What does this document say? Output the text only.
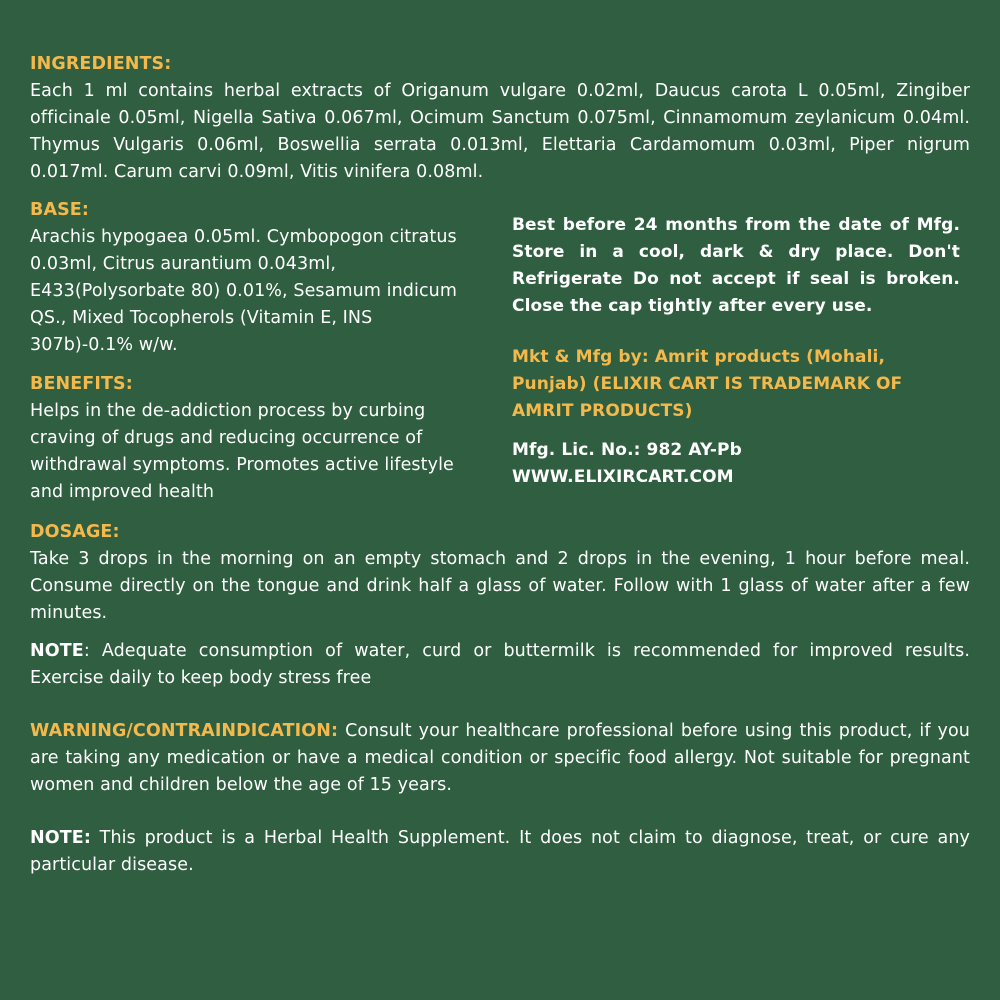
INGREDIENTS:
Each 1 ml contains herbal extracts of Origanum vulgare 0.02ml, Daucus carota L 0.05ml, Zingiber officinale 0.05ml, Nigella Sativa 0.067ml, Ocimum Sanctum 0.075ml, Cinnamomum zeylanicum 0.04ml. Thymus Vulgaris 0.06ml, Boswellia serrata 0.013ml, Elettaria Cardamomum 0.03ml, Piper nigrum 0.017ml. Carum carvi 0.09ml, Vitis vinifera 0.08ml.
BASE:
Arachis hypogaea 0.05ml. Cymbopogon citratus 0.03ml, Citrus aurantium 0.043ml, E433(Polysorbate 80) 0.01%, Sesamum indicum QS., Mixed Tocopherols (Vitamin E, INS 307b)-0.1% w/w.
BENEFITS:
Helps in the de-addiction process by curbing craving of drugs and reducing occurrence of withdrawal symptoms. Promotes active lifestyle and improved health
Best before 24 months from the date of Mfg. Store in a cool, dark & dry place. Don't Refrigerate Do not accept if seal is broken. Close the cap tightly after every use.
Mkt & Mfg by: Amrit products (Mohali, Punjab) (ELIXIR CART IS TRADEMARK OF AMRIT PRODUCTS)
Mfg. Lic. No.: 982 AY-Pb
WWW.ELIXIRCART.COM
DOSAGE:
Take 3 drops in the morning on an empty stomach and 2 drops in the evening, 1 hour before meal. Consume directly on the tongue and drink half a glass of water. Follow with 1 glass of water after a few minutes.
NOTE: Adequate consumption of water, curd or buttermilk is recommended for improved results. Exercise daily to keep body stress free
WARNING/CONTRAINDICATION: Consult your healthcare professional before using this product, if you are taking any medication or have a medical condition or specific food allergy. Not suitable for pregnant women and children below the age of 15 years.
NOTE: This product is a Herbal Health Supplement. It does not claim to diagnose, treat, or cure any particular disease.
